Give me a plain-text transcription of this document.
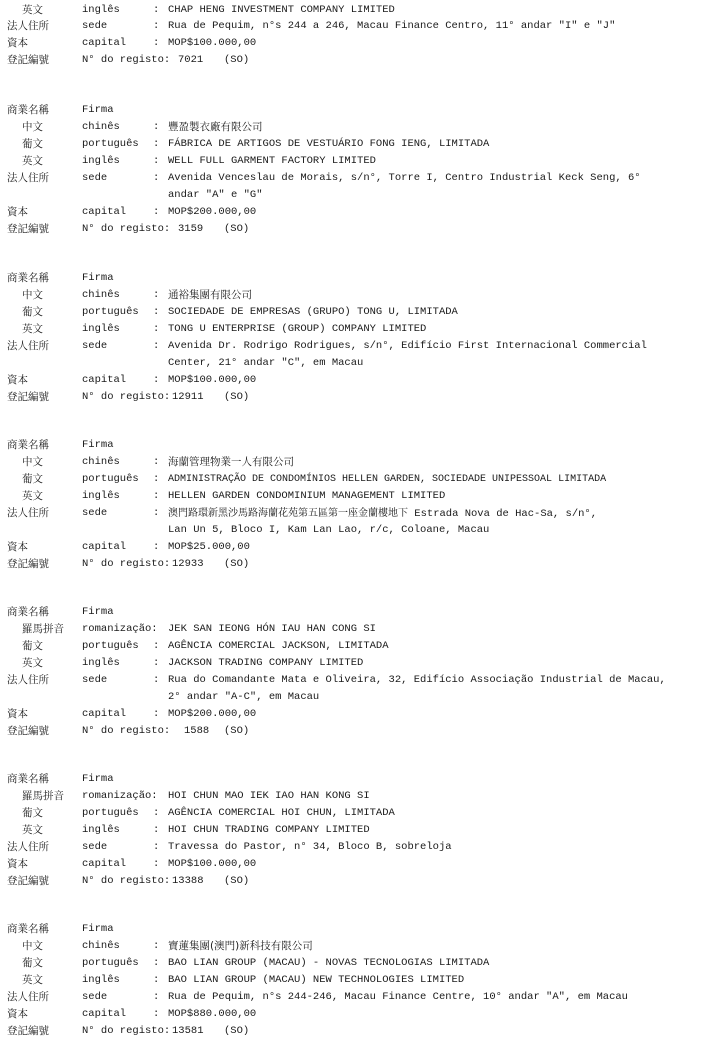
英文	inglês	: CHAP HENG INVESTMENT COMPANY LIMITED
法人住所	sede	: Rua de Pequim, n°s 244 a 246, Macau Finance Centro, 11° andar "I" e "J"
資本	capital	: MOP$100.000,00
登記編號	N° do registo: 7021 (SO)
商業名稱	Firma
中文	chinês	: 豐盈製衣廠有限公司
葡文	português : FÁBRICA DE ARTIGOS DE VESTUÁRIO FONG IENG, LIMITADA
英文	inglês	: WELL FULL GARMENT FACTORY LIMITED
法人住所	sede	: Avenida Venceslau de Morais, s/n°, Torre I, Centro Industrial Keck Seng, 6°
andar "A" e "G"
資本	capital	: MOP$200.000,00
登記編號	N° do registo: 3159 (SO)
商業名稱	Firma
中文	chinês	: 通裕集團有限公司
葡文	português : SOCIEDADE DE EMPRESAS (GRUPO) TONG U, LIMITADA
英文	inglês	: TONG U ENTERPRISE (GROUP) COMPANY LIMITED
法人住所	sede	: Avenida Dr. Rodrigo Rodrigues, s/n°, Edifício First Internacional Commercial
Center, 21° andar "C", em Macau
資本	capital	: MOP$100.000,00
登記編號	N° do registo: 12911 (SO)
商業名稱	Firma
中文	chinês	: 海蘭管理物業一人有限公司
葡文	português : ADMINISTRAÇÃO DE CONDOMÍNIOS HELLEN GARDEN, SOCIEDADE UNIPESSOAL LIMITADA
英文	inglês	: HELLEN GARDEN CONDOMINIUM MANAGEMENT LIMITED
法人住所	sede	: 澳門路環新黑沙馬路海蘭花苑第五區第一座金蘭樓地下 Estrada Nova de Hac-Sa, s/n°,
Lan Un 5, Bloco I, Kam Lan Lao, r/c, Coloane, Macau
資本	capital	: MOP$25.000,00
登記編號	N° do registo: 12933 (SO)
商業名稱	Firma
羅馬拼音 romanização: JEK SAN IEONG HÓN IAU HAN CONG SI
葡文	português : AGÊNCIA COMERCIAL JACKSON, LIMITADA
英文	inglês	: JACKSON TRADING COMPANY LIMITED
法人住所	sede	: Rua do Comandante Mata e Oliveira, 32, Edifício Associação Industrial de Macau,
2° andar "A-C", em Macau
資本	capital	: MOP$200.000,00
登記編號	N° do registo: 1588 (SO)
商業名稱	Firma
羅馬拼音 romanização: HOI CHUN MAO IEK IAO HAN KONG SI
葡文	português : AGÊNCIA COMERCIAL HOI CHUN, LIMITADA
英文	inglês	: HOI CHUN TRADING COMPANY LIMITED
法人住所	sede	: Travessa do Pastor, n° 34, Bloco B, sobreloja
資本	capital	: MOP$100.000,00
登記編號	N° do registo: 13388 (SO)
商業名稱	Firma
中文	chinês	: 寶蓮集團(澳門)新科技有限公司
葡文	português : BAO LIAN GROUP (MACAU) - NOVAS TECNOLOGIAS LIMITADA
英文	inglês	: BAO LIAN GROUP (MACAU) NEW TECHNOLOGIES LIMITED
法人住所	sede	: Rua de Pequim, n°s 244-246, Macau Finance Centre, 10° andar "A", em Macau
資本	capital	: MOP$880.000,00
登記編號	N° do registo: 13581 (SO)
